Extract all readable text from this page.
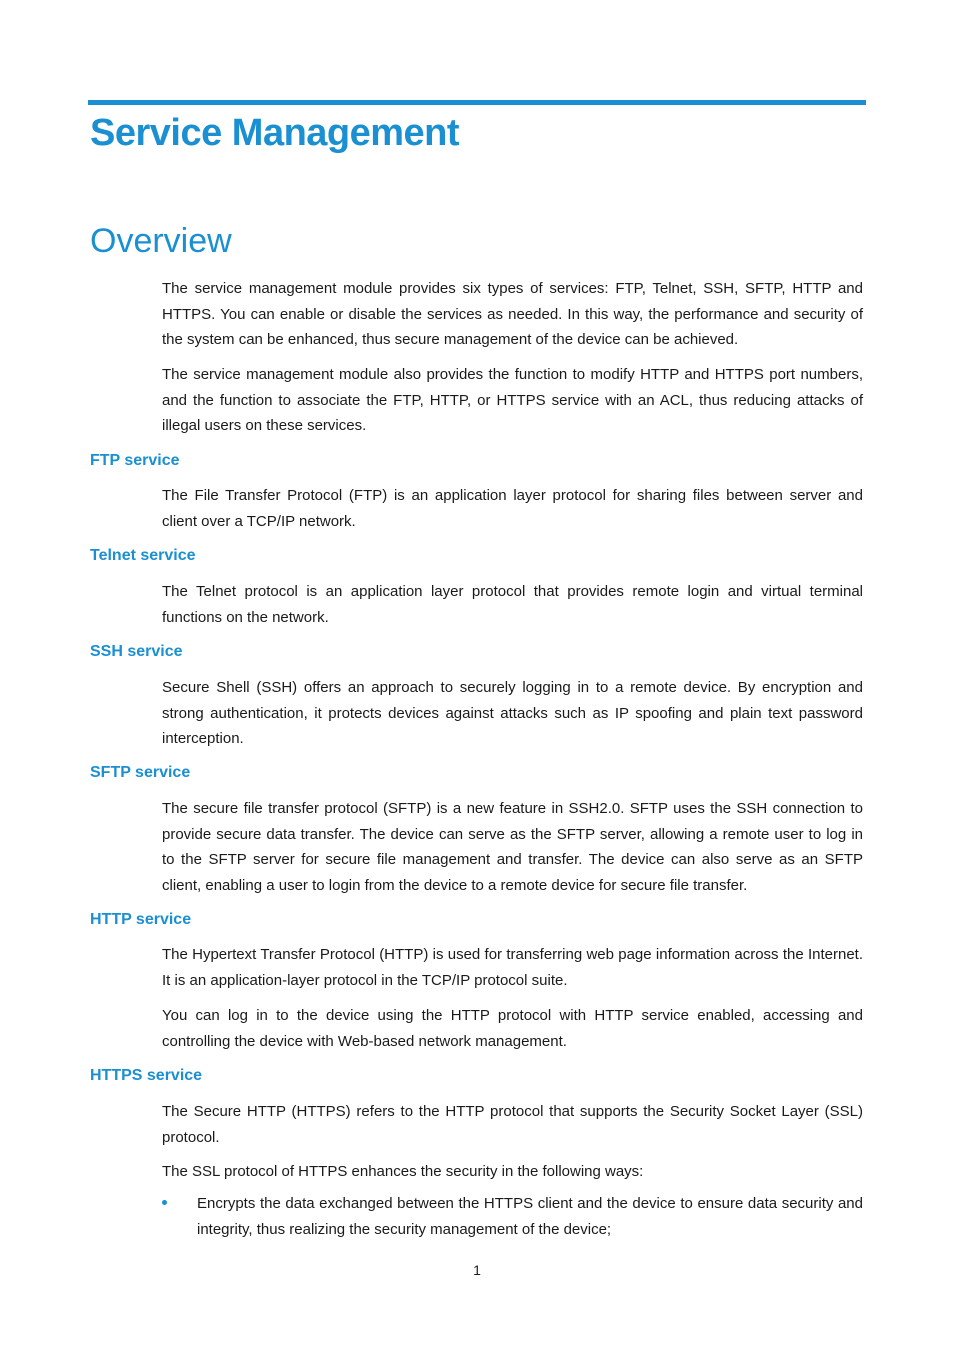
Service Management
Overview

The service management module provides six types of services: FTP, Telnet, SSH, SFTP, HTTP and HTTPS. You can enable or disable the services as needed. In this way, the performance and security of the system can be enhanced, thus secure management of the device can be achieved.

The service management module also provides the function to modify HTTP and HTTPS port numbers, and the function to associate the FTP, HTTP, or HTTPS service with an ACL, thus reducing attacks of illegal users on these services.

FTP service

The File Transfer Protocol (FTP) is an application layer protocol for sharing files between server and client over a TCP/IP network.

Telnet service

The Telnet protocol is an application layer protocol that provides remote login and virtual terminal functions on the network.

SSH service

Secure Shell (SSH) offers an approach to securely logging in to a remote device. By encryption and strong authentication, it protects devices against attacks such as IP spoofing and plain text password interception.

SFTP service

The secure file transfer protocol (SFTP) is a new feature in SSH2.0. SFTP uses the SSH connection to provide secure data transfer. The device can serve as the SFTP server, allowing a remote user to log in to the SFTP server for secure file management and transfer. The device can also serve as an SFTP client, enabling a user to login from the device to a remote device for secure file transfer.

HTTP service

The Hypertext Transfer Protocol (HTTP) is used for transferring web page information across the Internet. It is an application-layer protocol in the TCP/IP protocol suite.

You can log in to the device using the HTTP protocol with HTTP service enabled, accessing and controlling the device with Web-based network management.

HTTPS service

The Secure HTTP (HTTPS) refers to the HTTP protocol that supports the Security Socket Layer (SSL) protocol.

The SSL protocol of HTTPS enhances the security in the following ways:

Encrypts the data exchanged between the HTTPS client and the device to ensure data security and integrity, thus realizing the security management of the device;

1
